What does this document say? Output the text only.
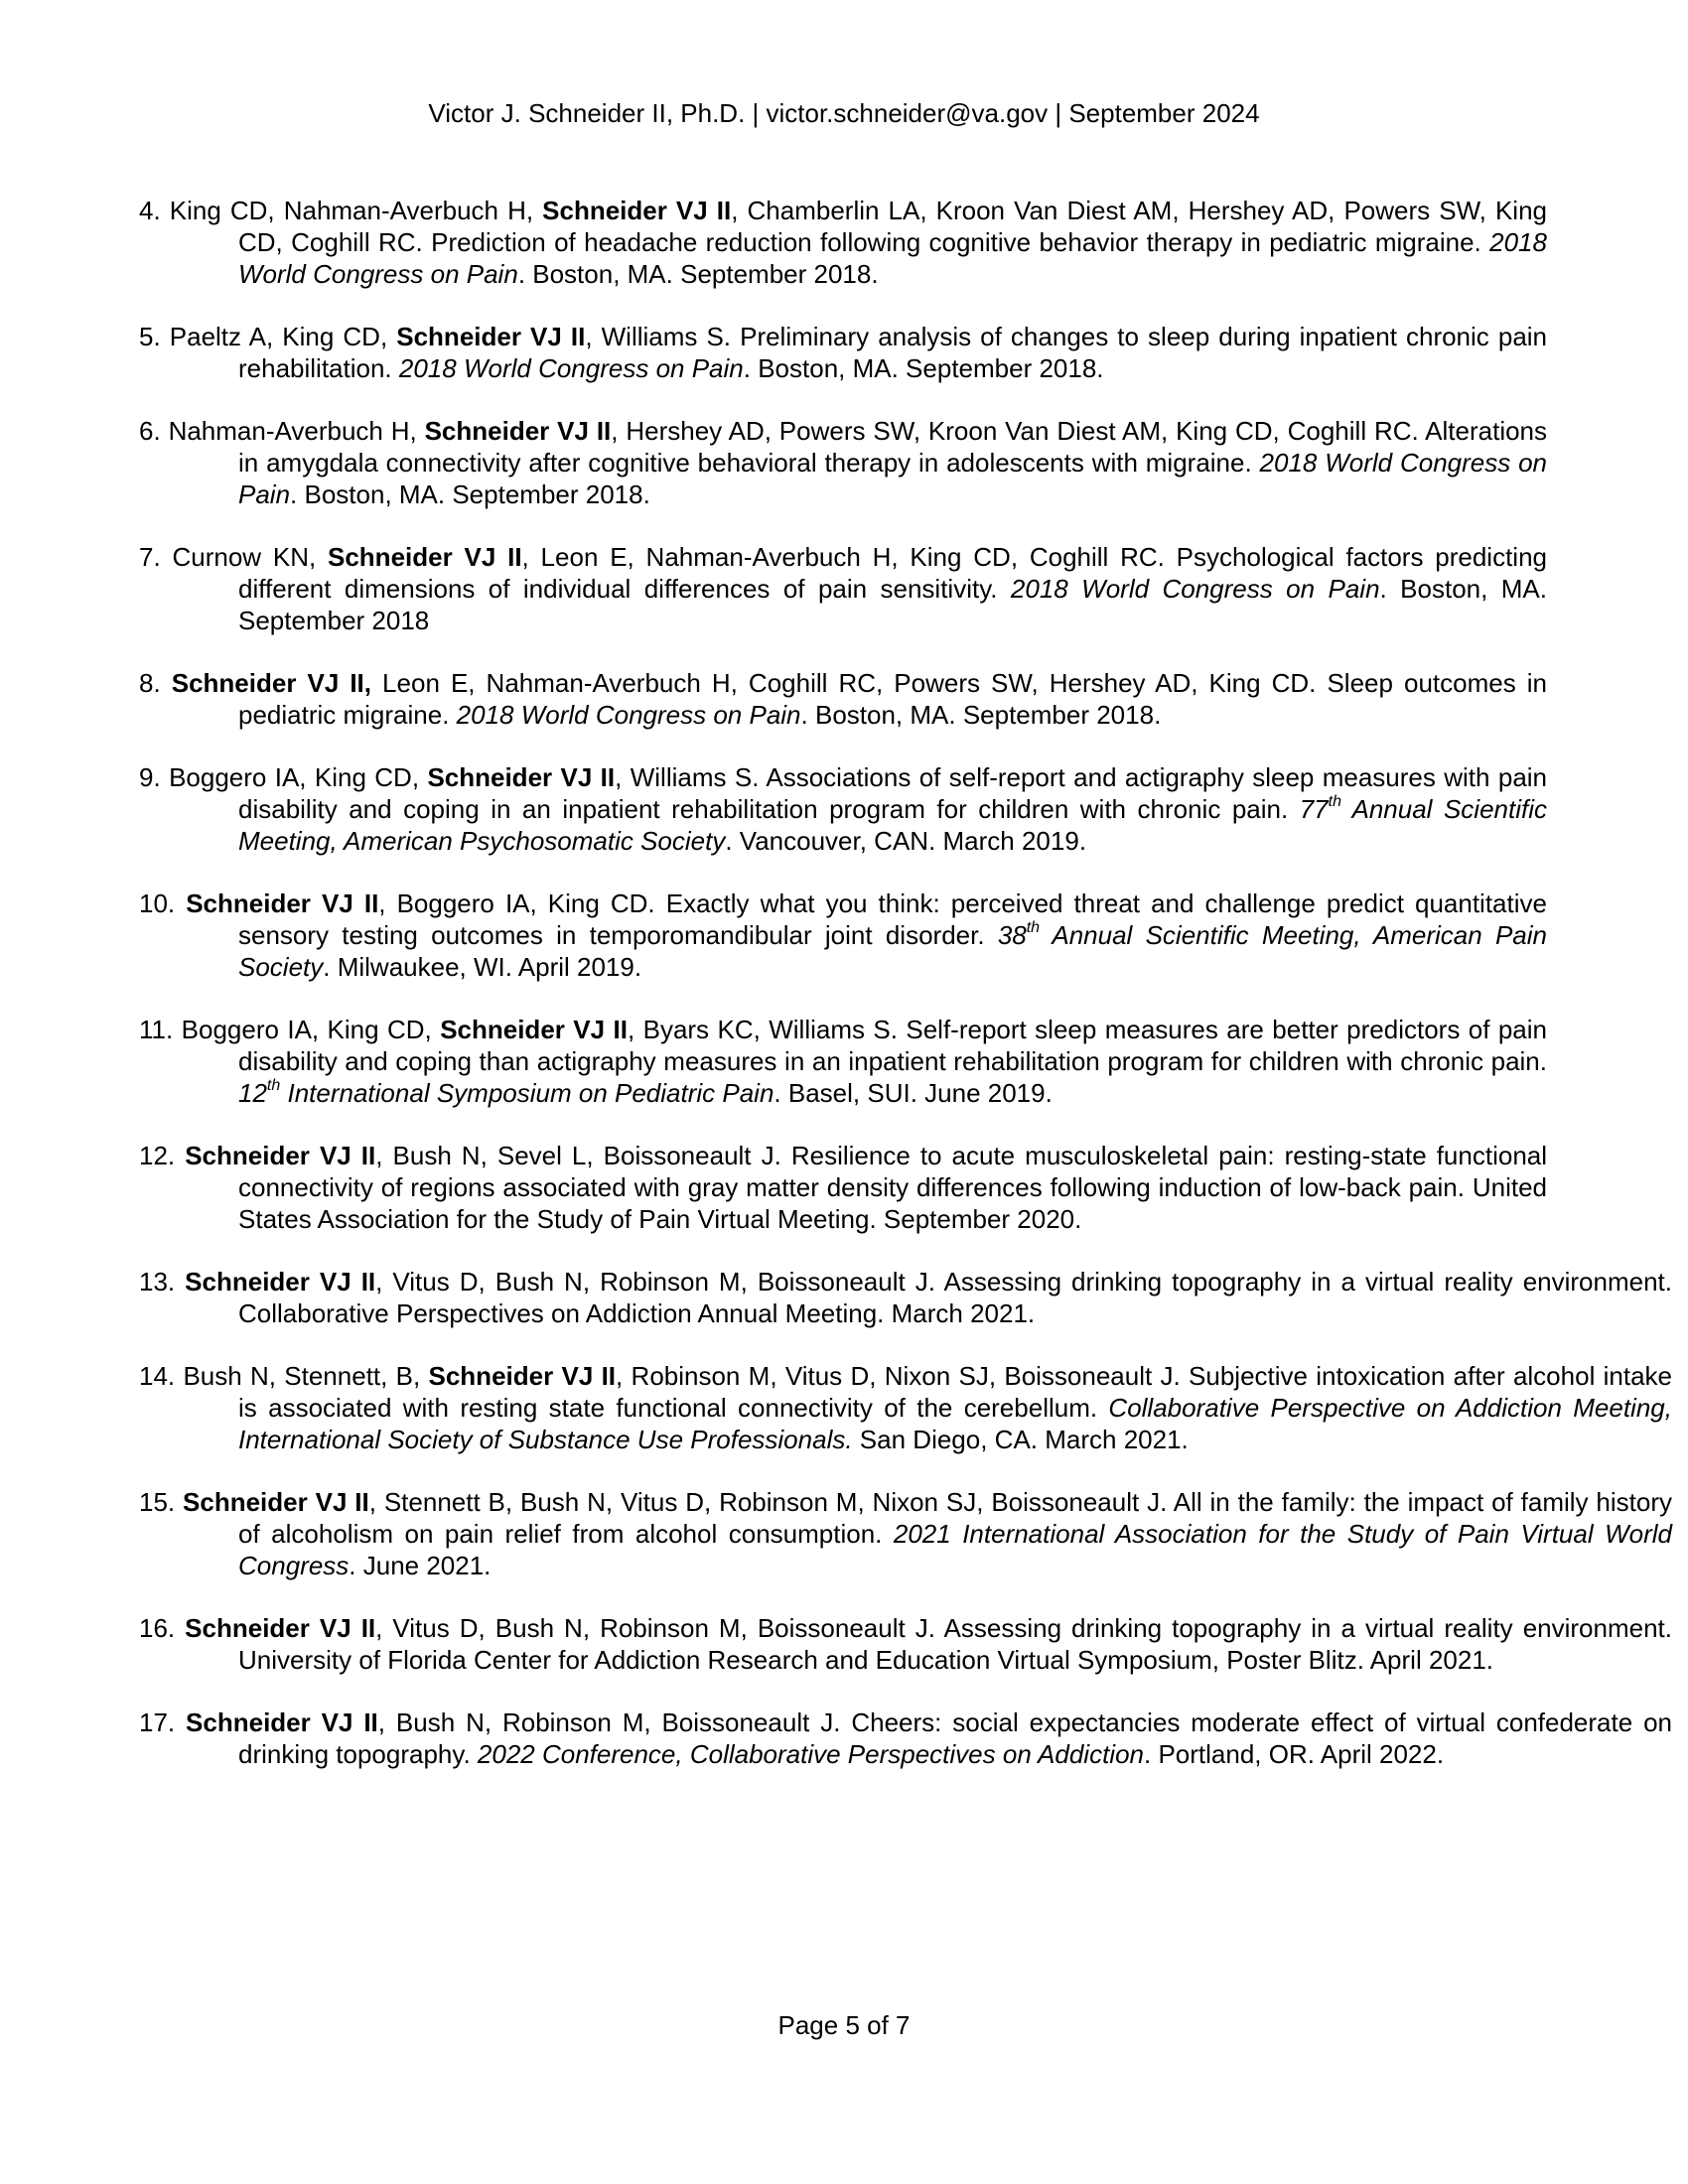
Victor J. Schneider II, Ph.D. | victor.schneider@va.gov | September 2024

4. King CD, Nahman-Averbuch H, Schneider VJ II, Chamberlin LA, Kroon Van Diest AM, Hershey AD, Powers SW, King CD, Coghill RC. Prediction of headache reduction following cognitive behavior therapy in pediatric migraine. 2018 World Congress on Pain. Boston, MA. September 2018.

5. Paeltz A, King CD, Schneider VJ II, Williams S. Preliminary analysis of changes to sleep during inpatient chronic pain rehabilitation. 2018 World Congress on Pain. Boston, MA. September 2018.

6. Nahman-Averbuch H, Schneider VJ II, Hershey AD, Powers SW, Kroon Van Diest AM, King CD, Coghill RC. Alterations in amygdala connectivity after cognitive behavioral therapy in adolescents with migraine. 2018 World Congress on Pain. Boston, MA. September 2018.

7. Curnow KN, Schneider VJ II, Leon E, Nahman-Averbuch H, King CD, Coghill RC. Psychological factors predicting different dimensions of individual differences of pain sensitivity. 2018 World Congress on Pain. Boston, MA. September 2018

8. Schneider VJ II, Leon E, Nahman-Averbuch H, Coghill RC, Powers SW, Hershey AD, King CD. Sleep outcomes in pediatric migraine. 2018 World Congress on Pain. Boston, MA. September 2018.

9. Boggero IA, King CD, Schneider VJ II, Williams S. Associations of self-report and actigraphy sleep measures with pain disability and coping in an inpatient rehabilitation program for children with chronic pain. 77th Annual Scientific Meeting, American Psychosomatic Society. Vancouver, CAN. March 2019.

10. Schneider VJ II, Boggero IA, King CD. Exactly what you think: perceived threat and challenge predict quantitative sensory testing outcomes in temporomandibular joint disorder. 38th Annual Scientific Meeting, American Pain Society. Milwaukee, WI. April 2019.

11. Boggero IA, King CD, Schneider VJ II, Byars KC, Williams S. Self-report sleep measures are better predictors of pain disability and coping than actigraphy measures in an inpatient rehabilitation program for children with chronic pain. 12th International Symposium on Pediatric Pain. Basel, SUI. June 2019.

12. Schneider VJ II, Bush N, Sevel L, Boissoneault J. Resilience to acute musculoskeletal pain: resting-state functional connectivity of regions associated with gray matter density differences following induction of low-back pain. United States Association for the Study of Pain Virtual Meeting. September 2020.

13. Schneider VJ II, Vitus D, Bush N, Robinson M, Boissoneault J. Assessing drinking topography in a virtual reality environment. Collaborative Perspectives on Addiction Annual Meeting. March 2021.

14. Bush N, Stennett, B, Schneider VJ II, Robinson M, Vitus D, Nixon SJ, Boissoneault J. Subjective intoxication after alcohol intake is associated with resting state functional connectivity of the cerebellum. Collaborative Perspective on Addiction Meeting, International Society of Substance Use Professionals. San Diego, CA. March 2021.

15. Schneider VJ II, Stennett B, Bush N, Vitus D, Robinson M, Nixon SJ, Boissoneault J. All in the family: the impact of family history of alcoholism on pain relief from alcohol consumption. 2021 International Association for the Study of Pain Virtual World Congress. June 2021.

16. Schneider VJ II, Vitus D, Bush N, Robinson M, Boissoneault J. Assessing drinking topography in a virtual reality environment. University of Florida Center for Addiction Research and Education Virtual Symposium, Poster Blitz. April 2021.

17. Schneider VJ II, Bush N, Robinson M, Boissoneault J. Cheers: social expectancies moderate effect of virtual confederate on drinking topography. 2022 Conference, Collaborative Perspectives on Addiction. Portland, OR. April 2022.

Page 5 of 7
